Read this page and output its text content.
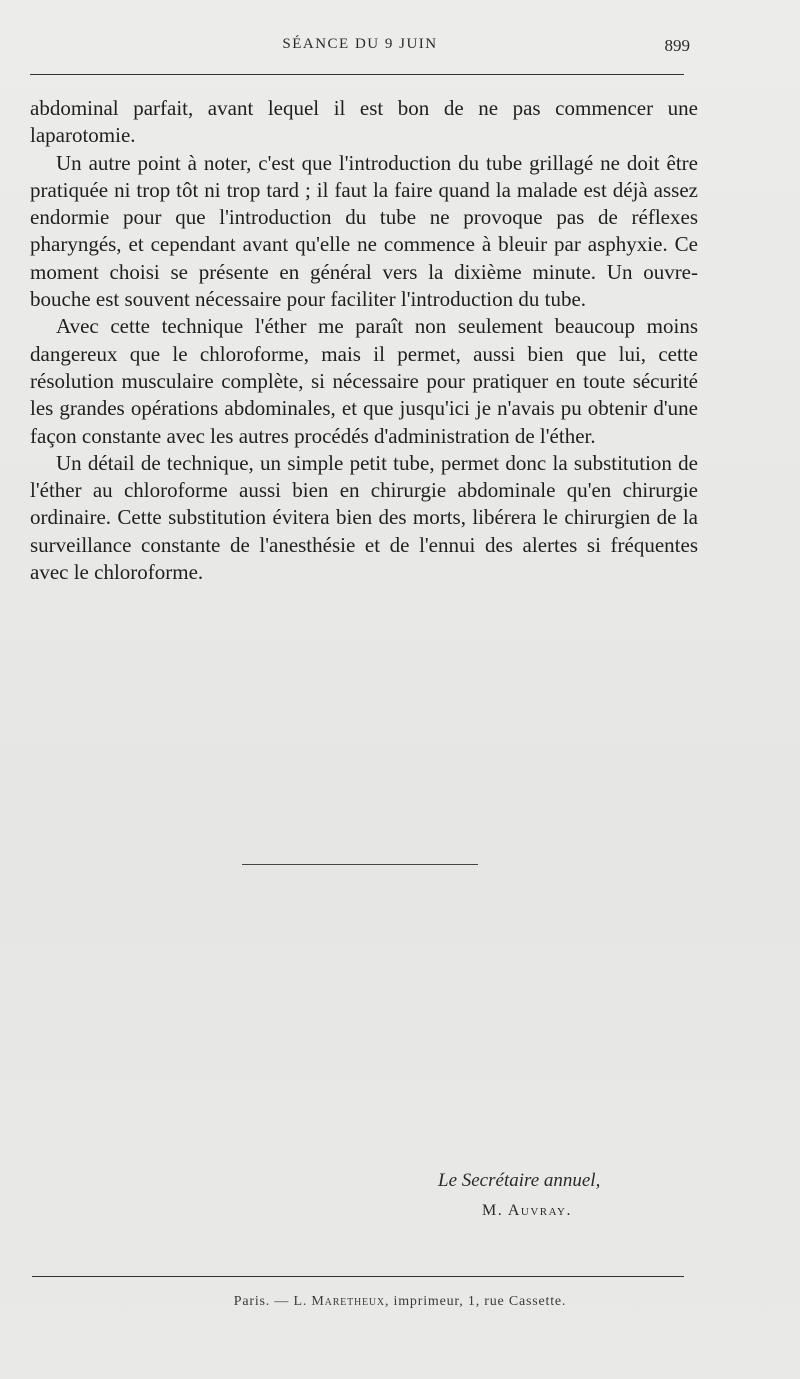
SÉANCE DU 9 JUIN	899

abdominal parfait, avant lequel il est bon de ne pas commencer une laparotomie.

Un autre point à noter, c'est que l'introduction du tube grillagé ne doit être pratiquée ni trop tôt ni trop tard ; il faut la faire quand la malade est déjà assez endormie pour que l'introduction du tube ne provoque pas de réflexes pharyngés, et cependant avant qu'elle ne commence à bleuir par asphyxie. Ce moment choisi se présente en général vers la dixième minute. Un ouvre-bouche est souvent nécessaire pour faciliter l'introduction du tube.

Avec cette technique l'éther me paraît non seulement beaucoup moins dangereux que le chloroforme, mais il permet, aussi bien que lui, cette résolution musculaire complète, si nécessaire pour pratiquer en toute sécurité les grandes opérations abdominales, et que jusqu'ici je n'avais pu obtenir d'une façon constante avec les autres procédés d'administration de l'éther.

Un détail de technique, un simple petit tube, permet donc la substitution de l'éther au chloroforme aussi bien en chirurgie abdominale qu'en chirurgie ordinaire. Cette substitution évitera bien des morts, libérera le chirurgien de la surveillance constante de l'anesthésie et de l'ennui des alertes si fréquentes avec le chloroforme.

Le Secrétaire annuel,
M. Auvray.
Paris. — L. Maretheux, imprimeur, 1, rue Cassette.
